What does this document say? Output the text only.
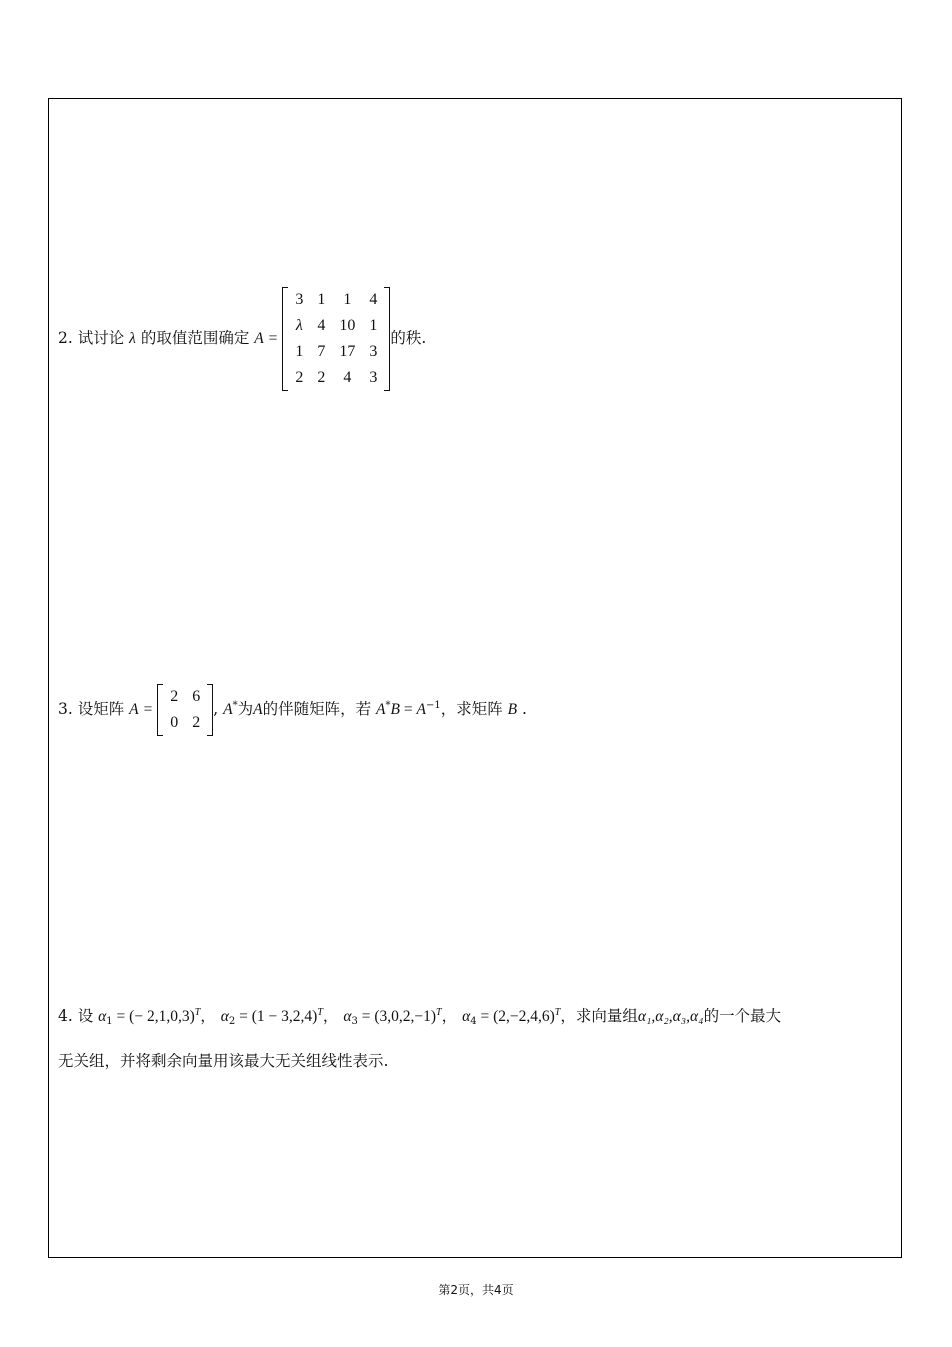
2. 试讨论 λ 的取值范围确定 A =
3	1	1	4
λ	4	10	1
1	7	17	3
2	2	4	3
的秩.
3. 设矩阵 A =
2	6
0	2
, A*为A的伴随矩阵，若 $A^*B = A^{-1}$，求矩阵 B .
4. 设 $\alpha_1$ = (− 2,1,0,3)$^T$， $\alpha_2 = (1 - 3,2,4)^T$， $\alpha_3 = (3,0,2,-1)^T$， $\alpha_4 = (2,-2,4,6)^T$，求向量组α₁,α₂,α₃,α₄的一个最大
无关组，并将剩余向量用该最大无关组线性表示.
第2页，共4页
